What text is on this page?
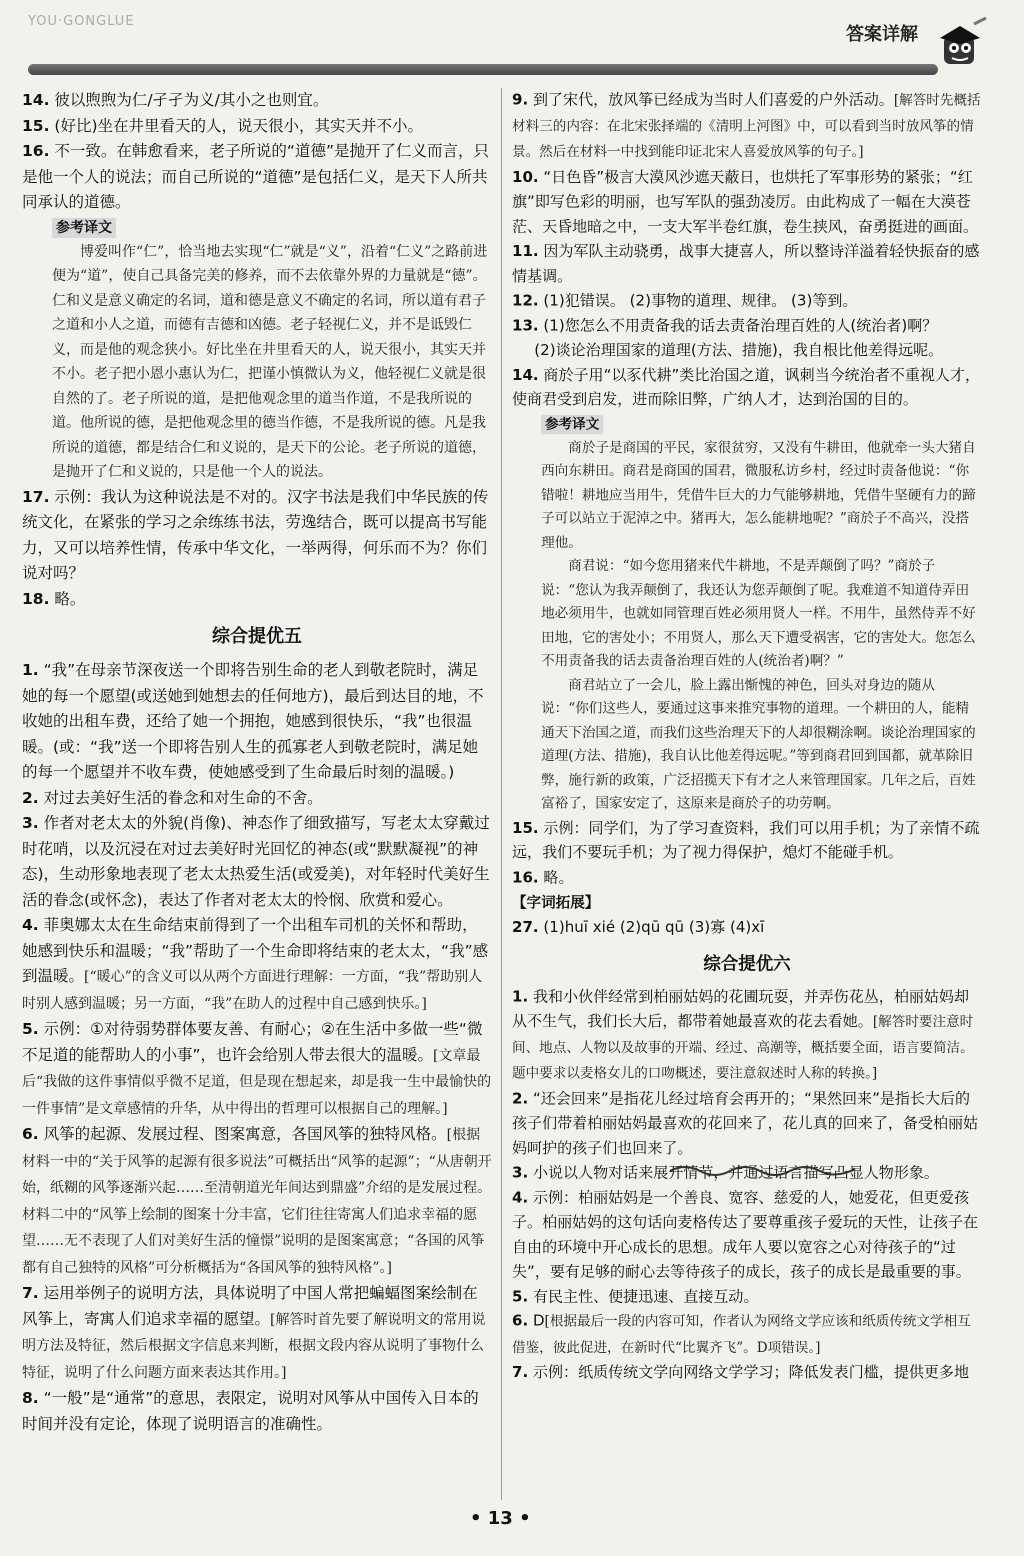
YOU·GONGLUE
答案详解

14. 彼以煦煦为仁/孑孑为义/其小之也则宜。

15. (好比)坐在井里看天的人，说天很小，其实天并不小。

16. 不一致。在韩愈看来，老子所说的“道德”是抛开了仁义而言，只是他一个人的说法；而自己所说的“道德”是包括仁义，是天下人所共同承认的道德。

参考译文

博爱叫作“仁”，恰当地去实现“仁”就是“义”，沿着“仁义”之路前进便为“道”，使自己具备完美的修养，而不去依靠外界的力量就是“德”。仁和义是意义确定的名词，道和德是意义不确定的名词，所以道有君子之道和小人之道，而德有吉德和凶德。老子轻视仁义，并不是诋毁仁义，而是他的观念狭小。好比坐在井里看天的人，说天很小，其实天并不小。老子把小恩小惠认为仁，把谨小慎微认为义，他轻视仁义就是很自然的了。老子所说的道，是把他观念里的道当作道，不是我所说的道。他所说的德，是把他观念里的德当作德，不是我所说的德。凡是我所说的道德，都是结合仁和义说的，是天下的公论。老子所说的道德，是抛开了仁和义说的，只是他一个人的说法。

17. 示例：我认为这种说法是不对的。汉字书法是我们中华民族的传统文化，在紧张的学习之余练练书法，劳逸结合，既可以提高书写能力，又可以培养性情，传承中华文化，一举两得，何乐而不为？你们说对吗？

18. 略。

综合提优五

1. “我”在母亲节深夜送一个即将告别生命的老人到敬老院时，满足她的每一个愿望(或送她到她想去的任何地方)，最后到达目的地，不收她的出租车费，还给了她一个拥抱，她感到很快乐，“我”也很温暖。(或：“我”送一个即将告别人生的孤寡老人到敬老院时，满足她的每一个愿望并不收车费，使她感受到了生命最后时刻的温暖。)

2. 对过去美好生活的眷念和对生命的不舍。

3. 作者对老太太的外貌(肖像)、神态作了细致描写，写老太太穿戴过时花哨，以及沉浸在对过去美好时光回忆的神态(或“默默凝视”的神态)，生动形象地表现了老太太热爱生活(或爱美)，对年轻时代美好生活的眷念(或怀念)，表达了作者对老太太的怜悯、欣赏和爱心。

4. 菲奥娜太太在生命结束前得到了一个出租车司机的关怀和帮助，她感到快乐和温暖；“我”帮助了一个生命即将结束的老太太，“我”感到温暖。[“暖心”的含义可以从两个方面进行理解：一方面，“我”帮助别人时别人感到温暖；另一方面，“我”在助人的过程中自己感到快乐。]

5. 示例：①对待弱势群体要友善、有耐心；②在生活中多做一些“微不足道的能帮助人的小事”，也许会给别人带去很大的温暖。[文章最后“我做的这件事情似乎微不足道，但是现在想起来，却是我一生中最愉快的一件事情”是文章感情的升华，从中得出的哲理可以根据自己的理解。]

6. 风筝的起源、发展过程、图案寓意，各国风筝的独特风格。[根据材料一中的“关于风筝的起源有很多说法”可概括出“风筝的起源”；“从唐朝开始，纸糊的风筝逐渐兴起……至清朝道光年间达到鼎盛”介绍的是发展过程。材料二中的“风筝上绘制的图案十分丰富，它们往往寄寓人们追求幸福的愿望……无不表现了人们对美好生活的憧憬”说明的是图案寓意；“各国的风筝都有自己独特的风格”可分析概括为“各国风筝的独特风格”。]

7. 运用举例子的说明方法，具体说明了中国人常把蝙蝠图案绘制在风筝上，寄寓人们追求幸福的愿望。[解答时首先要了解说明文的常用说明方法及特征，然后根据文字信息来判断，根据文段内容从说明了事物什么特征，说明了什么问题方面来表达其作用。]

8. “一般”是“通常”的意思，表限定，说明对风筝从中国传入日本的时间并没有定论，体现了说明语言的准确性。

9. 到了宋代，放风筝已经成为当时人们喜爱的户外活动。[解答时先概括材料三的内容：在北宋张择端的《清明上河图》中，可以看到当时放风筝的情景。然后在材料一中找到能印证北宋人喜爱放风筝的句子。]

10. “日色昏”极言大漠风沙遮天蔽日，也烘托了军事形势的紧张；“红旗”即写色彩的明丽，也写军队的强劲凌厉。由此构成了一幅在大漠苍茫、天昏地暗之中，一支大军半卷红旗，卷生挟风，奋勇挺进的画面。

11. 因为军队主动骁勇，战事大捷喜人，所以整诗洋溢着轻快振奋的感情基调。

12. (1)犯错误。 (2)事物的道理、规律。 (3)等到。

13. (1)您怎么不用责备我的话去责备治理百姓的人(统治者)啊？

(2)谈论治理国家的道理(方法、措施)，我自根比他差得远呢。

14. 商於子用“以豕代耕”类比治国之道，讽刺当今统治者不重视人才，使商君受到启发，进而除旧弊，广纳人才，达到治国的目的。

参考译文

商於子是商国的平民，家很贫穷，又没有牛耕田，他就牵一头大猪自西向东耕田。商君是商国的国君，微服私访乡村，经过时责备他说：“你错啦！耕地应当用牛，凭借牛巨大的力气能够耕地，凭借牛坚硬有力的蹄子可以站立于泥淖之中。猪再大，怎么能耕地呢？”商於子不高兴，没搭理他。

商君说：“如今您用猪来代牛耕地，不是弄颠倒了吗？”商於子说：“您认为我弄颠倒了，我还认为您弄颠倒了呢。我难道不知道侍弄田地必须用牛，也就如同管理百姓必须用贤人一样。不用牛，虽然侍弄不好田地，它的害处小；不用贤人，那么天下遭受祸害，它的害处大。您怎么不用责备我的话去责备治理百姓的人(统治者)啊？”

商君站立了一会儿，脸上露出惭愧的神色，回头对身边的随从说：“你们这些人，要通过这事来推究事物的道理。一个耕田的人，能精通天下治国之道，而我们这些治理天下的人却很糊涂啊。谈论治理国家的道理(方法、措施)，我自认比他差得远呢。”等到商君回到国都，就革除旧弊，施行新的政策，广泛招揽天下有才之人来管理国家。几年之后，百姓富裕了，国家安定了，这原来是商於子的功劳啊。

15. 示例：同学们，为了学习查资料，我们可以用手机；为了亲情不疏远，我们不要玩手机；为了视力得保护，熄灯不能碰手机。

16. 略。

【字词拓展】

27. (1)huī xié (2)qū qū (3)寡 (4)xī

综合提优六

1. 我和小伙伴经常到柏丽姑妈的花圃玩耍，并弄伤花丛，柏丽姑妈却从不生气，我们长大后，都带着她最喜欢的花去看她。[解答时要注意时间、地点、人物以及故事的开端、经过、高潮等，概括要全面，语言要简洁。题中要求以麦格女儿的口吻概述，要注意叙述时人称的转换。]

2. “还会回来”是指花儿经过培育会再开的；“果然回来”是指长大后的孩子们带着柏丽姑妈最喜欢的花回来了，花儿真的回来了，备受柏丽姑妈呵护的孩子们也回来了。

3. 小说以人物对话来展开情节，并通过语言描写凸显人物形象。

4. 示例：柏丽姑妈是一个善良、宽容、慈爱的人，她爱花，但更爱孩子。柏丽姑妈的这句话向麦格传达了要尊重孩子爱玩的天性，让孩子在自由的环境中开心成长的思想。成年人要以宽容之心对待孩子的“过失”，要有足够的耐心去等待孩子的成长，孩子的成长是最重要的事。

5. 有民主性、便捷迅速、直接互动。

6. D[根据最后一段的内容可知，作者认为网络文学应该和纸质传统文学相互借鉴，彼此促进，在新时代“比翼齐飞”。D项错误。]

7. 示例：纸质传统文学向网络文学学习；降低发表门槛，提供更多地

• 13 •
